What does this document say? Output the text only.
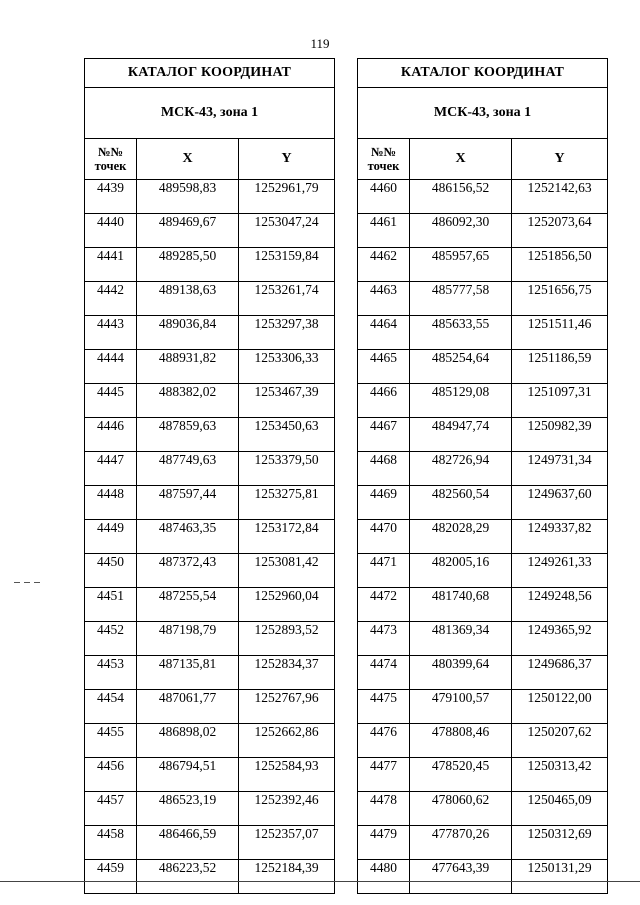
119
КАТАЛОГ КООРДИНАТ		
МСК-43, зона 1		

№№
точек	X	Y
4439	489598,83	1252961,79
4440	489469,67	1253047,24
4441	489285,50	1253159,84
4442	489138,63	1253261,74
4443	489036,84	1253297,38
4444	488931,82	1253306,33
4445	488382,02	1253467,39
4446	487859,63	1253450,63
4447	487749,63	1253379,50
4448	487597,44	1253275,81
4449	487463,35	1253172,84
4450	487372,43	1253081,42
4451	487255,54	1252960,04
4452	487198,79	1252893,52
4453	487135,81	1252834,37
4454	487061,77	1252767,96
4455	486898,02	1252662,86
4456	486794,51	1252584,93
4457	486523,19	1252392,46
4458	486466,59	1252357,07
4459	486223,52	1252184,39
КАТАЛОГ КООРДИНАТ		
МСК-43, зона 1		

№№
точек	X	Y
4460	486156,52	1252142,63
4461	486092,30	1252073,64
4462	485957,65	1251856,50
4463	485777,58	1251656,75
4464	485633,55	1251511,46
4465	485254,64	1251186,59
4466	485129,08	1251097,31
4467	484947,74	1250982,39
4468	482726,94	1249731,34
4469	482560,54	1249637,60
4470	482028,29	1249337,82
4471	482005,16	1249261,33
4472	481740,68	1249248,56
4473	481369,34	1249365,92
4474	480399,64	1249686,37
4475	479100,57	1250122,00
4476	478808,46	1250207,62
4477	478520,45	1250313,42
4478	478060,62	1250465,09
4479	477870,26	1250312,69
4480	477643,39	1250131,29
